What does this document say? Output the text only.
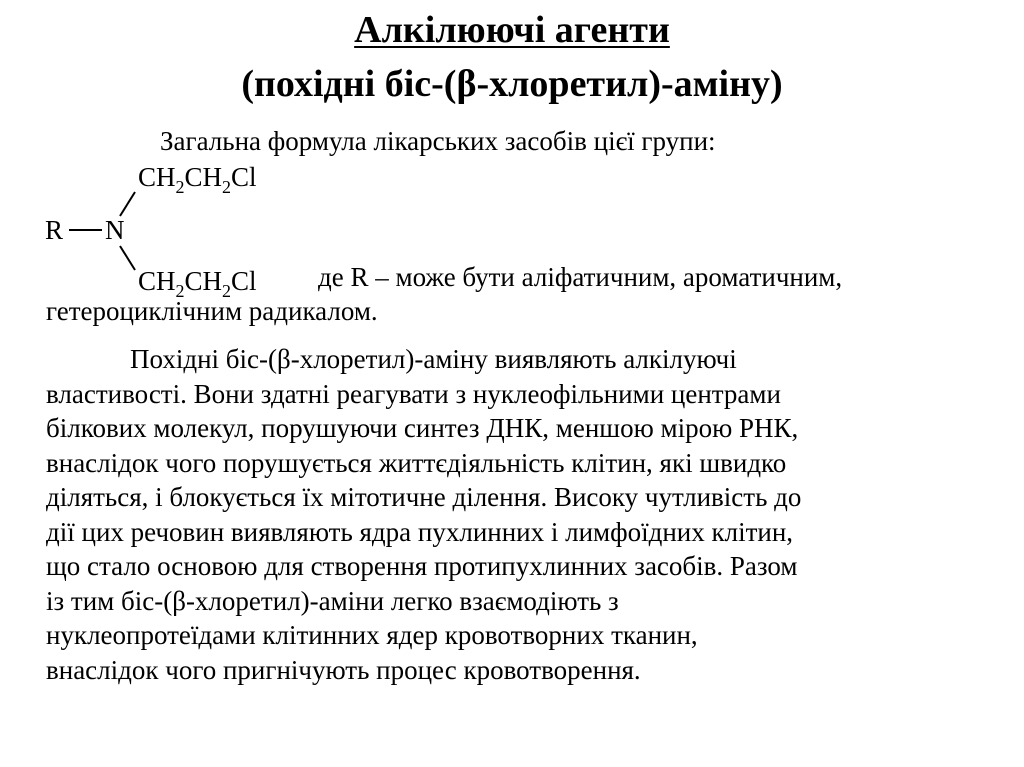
Алкілюючі агенти
(похідні біс-(β-хлоретил)-аміну)
Загальна формула лікарських засобів цієї групи:
$CH_2CH_2Cl$
R N
$CH_2CH_2Cl$ де R – може бути аліфатичним, ароматичним,
гетероциклічним радикалом.
Похідні біс-(β-хлоретил)-аміну виявляють алкілуючі
властивості. Вони здатні реагувати з нуклеофільними центрами
білкових молекул, порушуючи синтез ДНК, меншою мірою РНК,
внаслідок чого порушується життєдіяльність клітин, які швидко
діляться, і блокується їх мітотичне ділення. Високу чутливість до
дії цих речовин виявляють ядра пухлинних і лимфоїдних клітин,
що стало основою для створення протипухлинних засобів. Разом
із тим біс-(β-хлоретил)-аміни легко взаємодіють з
нуклеопротеїдами клітинних ядер кровотворних тканин,
внаслідок чого пригнічують процес кровотворення.
